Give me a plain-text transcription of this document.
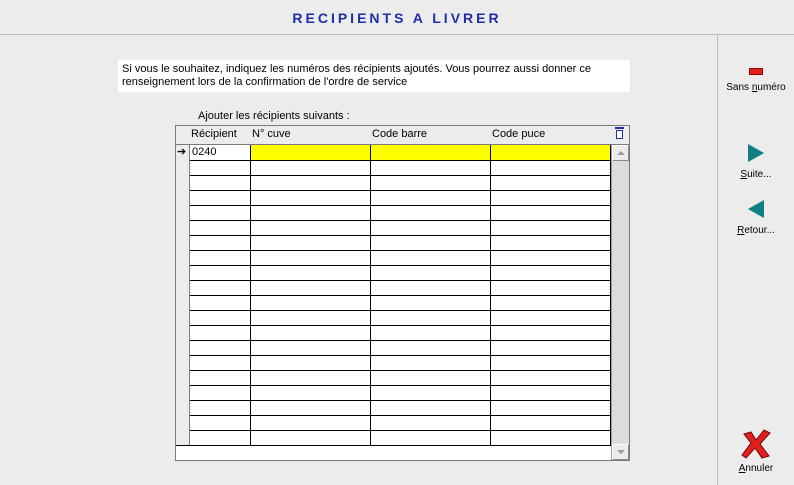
RECIPIENTS A LIVRER
Si vous le souhaitez, indiquez les numéros des récipients ajoutés. Vous pourrez aussi donner ce renseignement lors de la confirmation de l'ordre de service
Ajouter les récipients suivants :
Récipient N° cuve	Code barre	Code puce
➔ 0240
Sans numéro
Suite...
Retour...
Annuler
